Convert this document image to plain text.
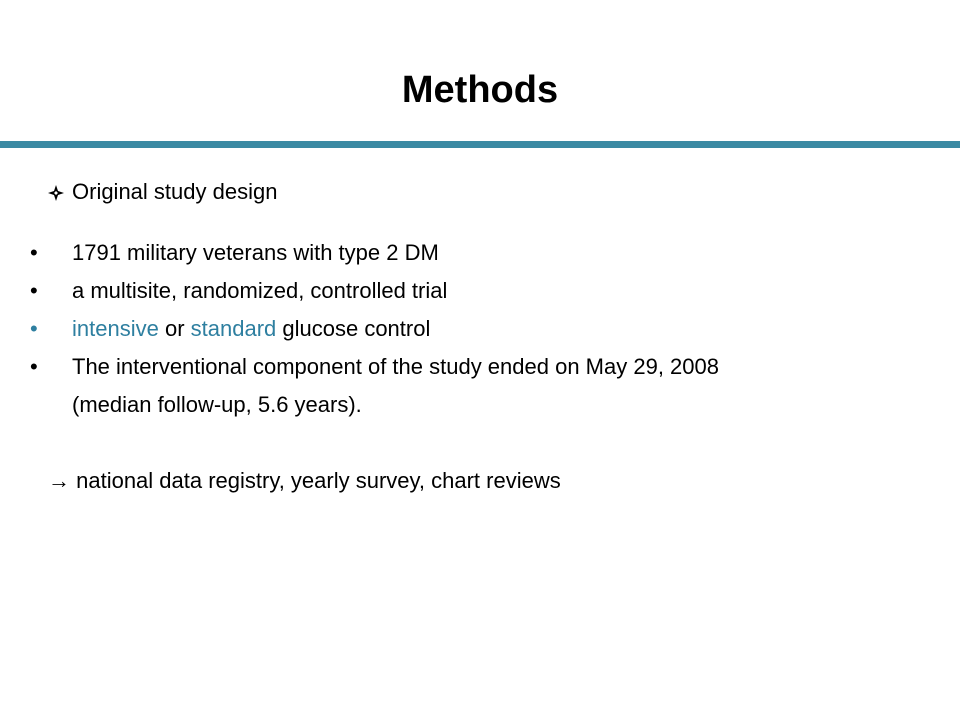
Methods
Original study design
• 1791 military veterans with type 2 DM
• a multisite, randomized, controlled trial
• intensive or standard glucose control
• The interventional component of the study ended on May 29, 2008
(median follow-up, 5.6 years).
→ national data registry, yearly survey, chart reviews
